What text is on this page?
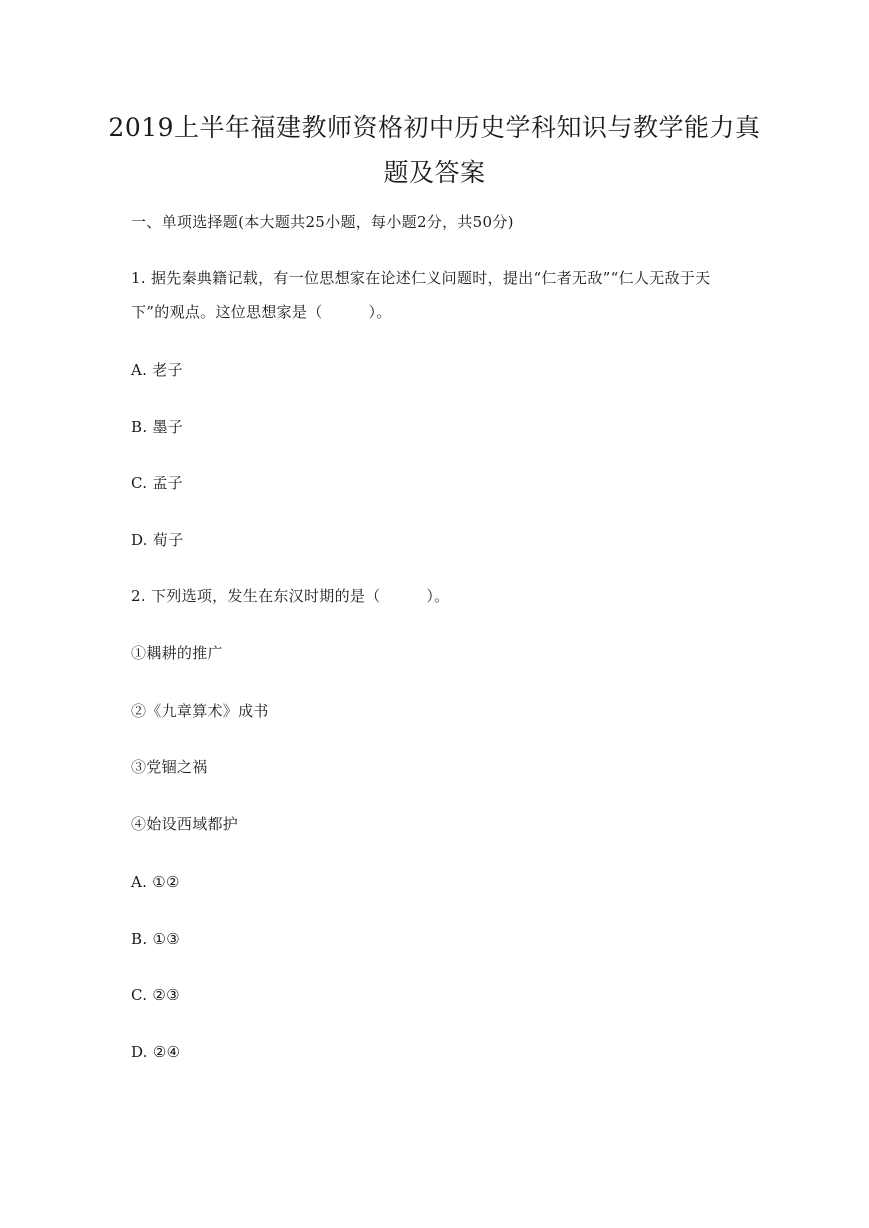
2019上半年福建教师资格初中历史学科知识与教学能力真
题及答案
一、单项选择题(本大题共25小题，每小题2分，共50分)
1. 据先秦典籍记载，有一位思想家在论述仁义问题时，提出“仁者无敌”“仁人无敌于天
下”的观点。这位思想家是（　　　）。
A. 老子
B. 墨子
C. 孟子
D. 荀子
2. 下列选项，发生在东汉时期的是（　　　）。
①耦耕的推广
②《九章算术》成书
③党锢之祸
④始设西域都护
A. ①②
B. ①③
C. ②③
D. ②④
